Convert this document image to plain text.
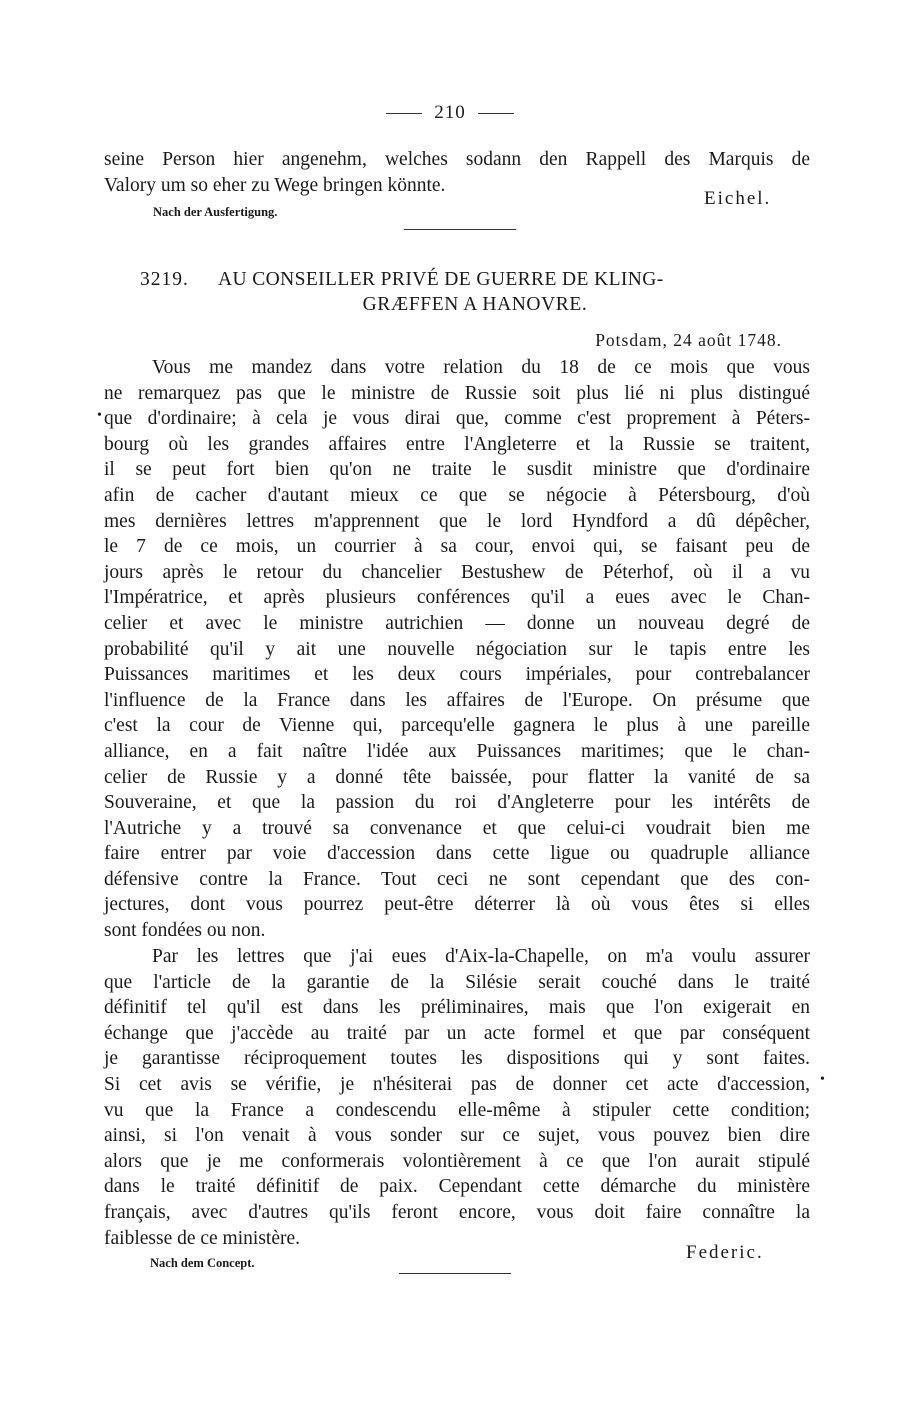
210
seine Person hier angenehm, welches sodann den Rappell des Marquis de
Valory um so eher zu Wege bringen könnte.
Eichel.
Nach der Ausfertigung.
3219.	AU CONSEILLER PRIVÉ DE GUERRE DE KLING-
GRÆFFEN A HANOVRE.
Potsdam, 24 août 1748.
•
Vous me mandez dans votre relation du 18 de ce mois que vous
ne remarquez pas que le ministre de Russie soit plus lié ni plus distingué
que d'ordinaire; à cela je vous dirai que, comme c'est proprement à Péters-
bourg où les grandes affaires entre l'Angleterre et la Russie se traitent,
il se peut fort bien qu'on ne traite le susdit ministre que d'ordinaire
afin de cacher d'autant mieux ce que se négocie à Pétersbourg, d'où
mes dernières lettres m'apprennent que le lord Hyndford a dû dépêcher,
le 7 de ce mois, un courrier à sa cour, envoi qui, se faisant peu de
jours après le retour du chancelier Bestushew de Péterhof, où il a vu
l'Impératrice, et après plusieurs conférences qu'il a eues avec le Chan-
celier et avec le ministre autrichien — donne un nouveau degré de
probabilité qu'il y ait une nouvelle négociation sur le tapis entre les
Puissances maritimes et les deux cours impériales, pour contrebalancer
l'influence de la France dans les affaires de l'Europe. On présume que
c'est la cour de Vienne qui, parcequ'elle gagnera le plus à une pareille
alliance, en a fait naître l'idée aux Puissances maritimes; que le chan-
celier de Russie y a donné tête baissée, pour flatter la vanité de sa
Souveraine, et que la passion du roi d'Angleterre pour les intérêts de
l'Autriche y a trouvé sa convenance et que celui-ci voudrait bien me
faire entrer par voie d'accession dans cette ligue ou quadruple alliance
défensive contre la France. Tout ceci ne sont cependant que des con-
jectures, dont vous pourrez peut-être déterrer là où vous êtes si elles
sont fondées ou non.
Par les lettres que j'ai eues d'Aix-la-Chapelle, on m'a voulu assurer
que l'article de la garantie de la Silésie serait couché dans le traité
définitif tel qu'il est dans les préliminaires, mais que l'on exigerait en
échange que j'accède au traité par un acte formel et que par conséquent
je garantisse réciproquement toutes les dispositions qui y sont faites.
Si cet avis se vérifie, je n'hésiterai pas de donner cet acte d'accession,
vu que la France a condescendu elle-même à stipuler cette condition;
ainsi, si l'on venait à vous sonder sur ce sujet, vous pouvez bien dire
alors que je me conformerais volontièrement à ce que l'on aurait stipulé
dans le traité définitif de paix. Cependant cette démarche du ministère
français, avec d'autres qu'ils feront encore, vous doit faire connaître la
faiblesse de ce ministère.
•
Federic.
Nach dem Concept.
